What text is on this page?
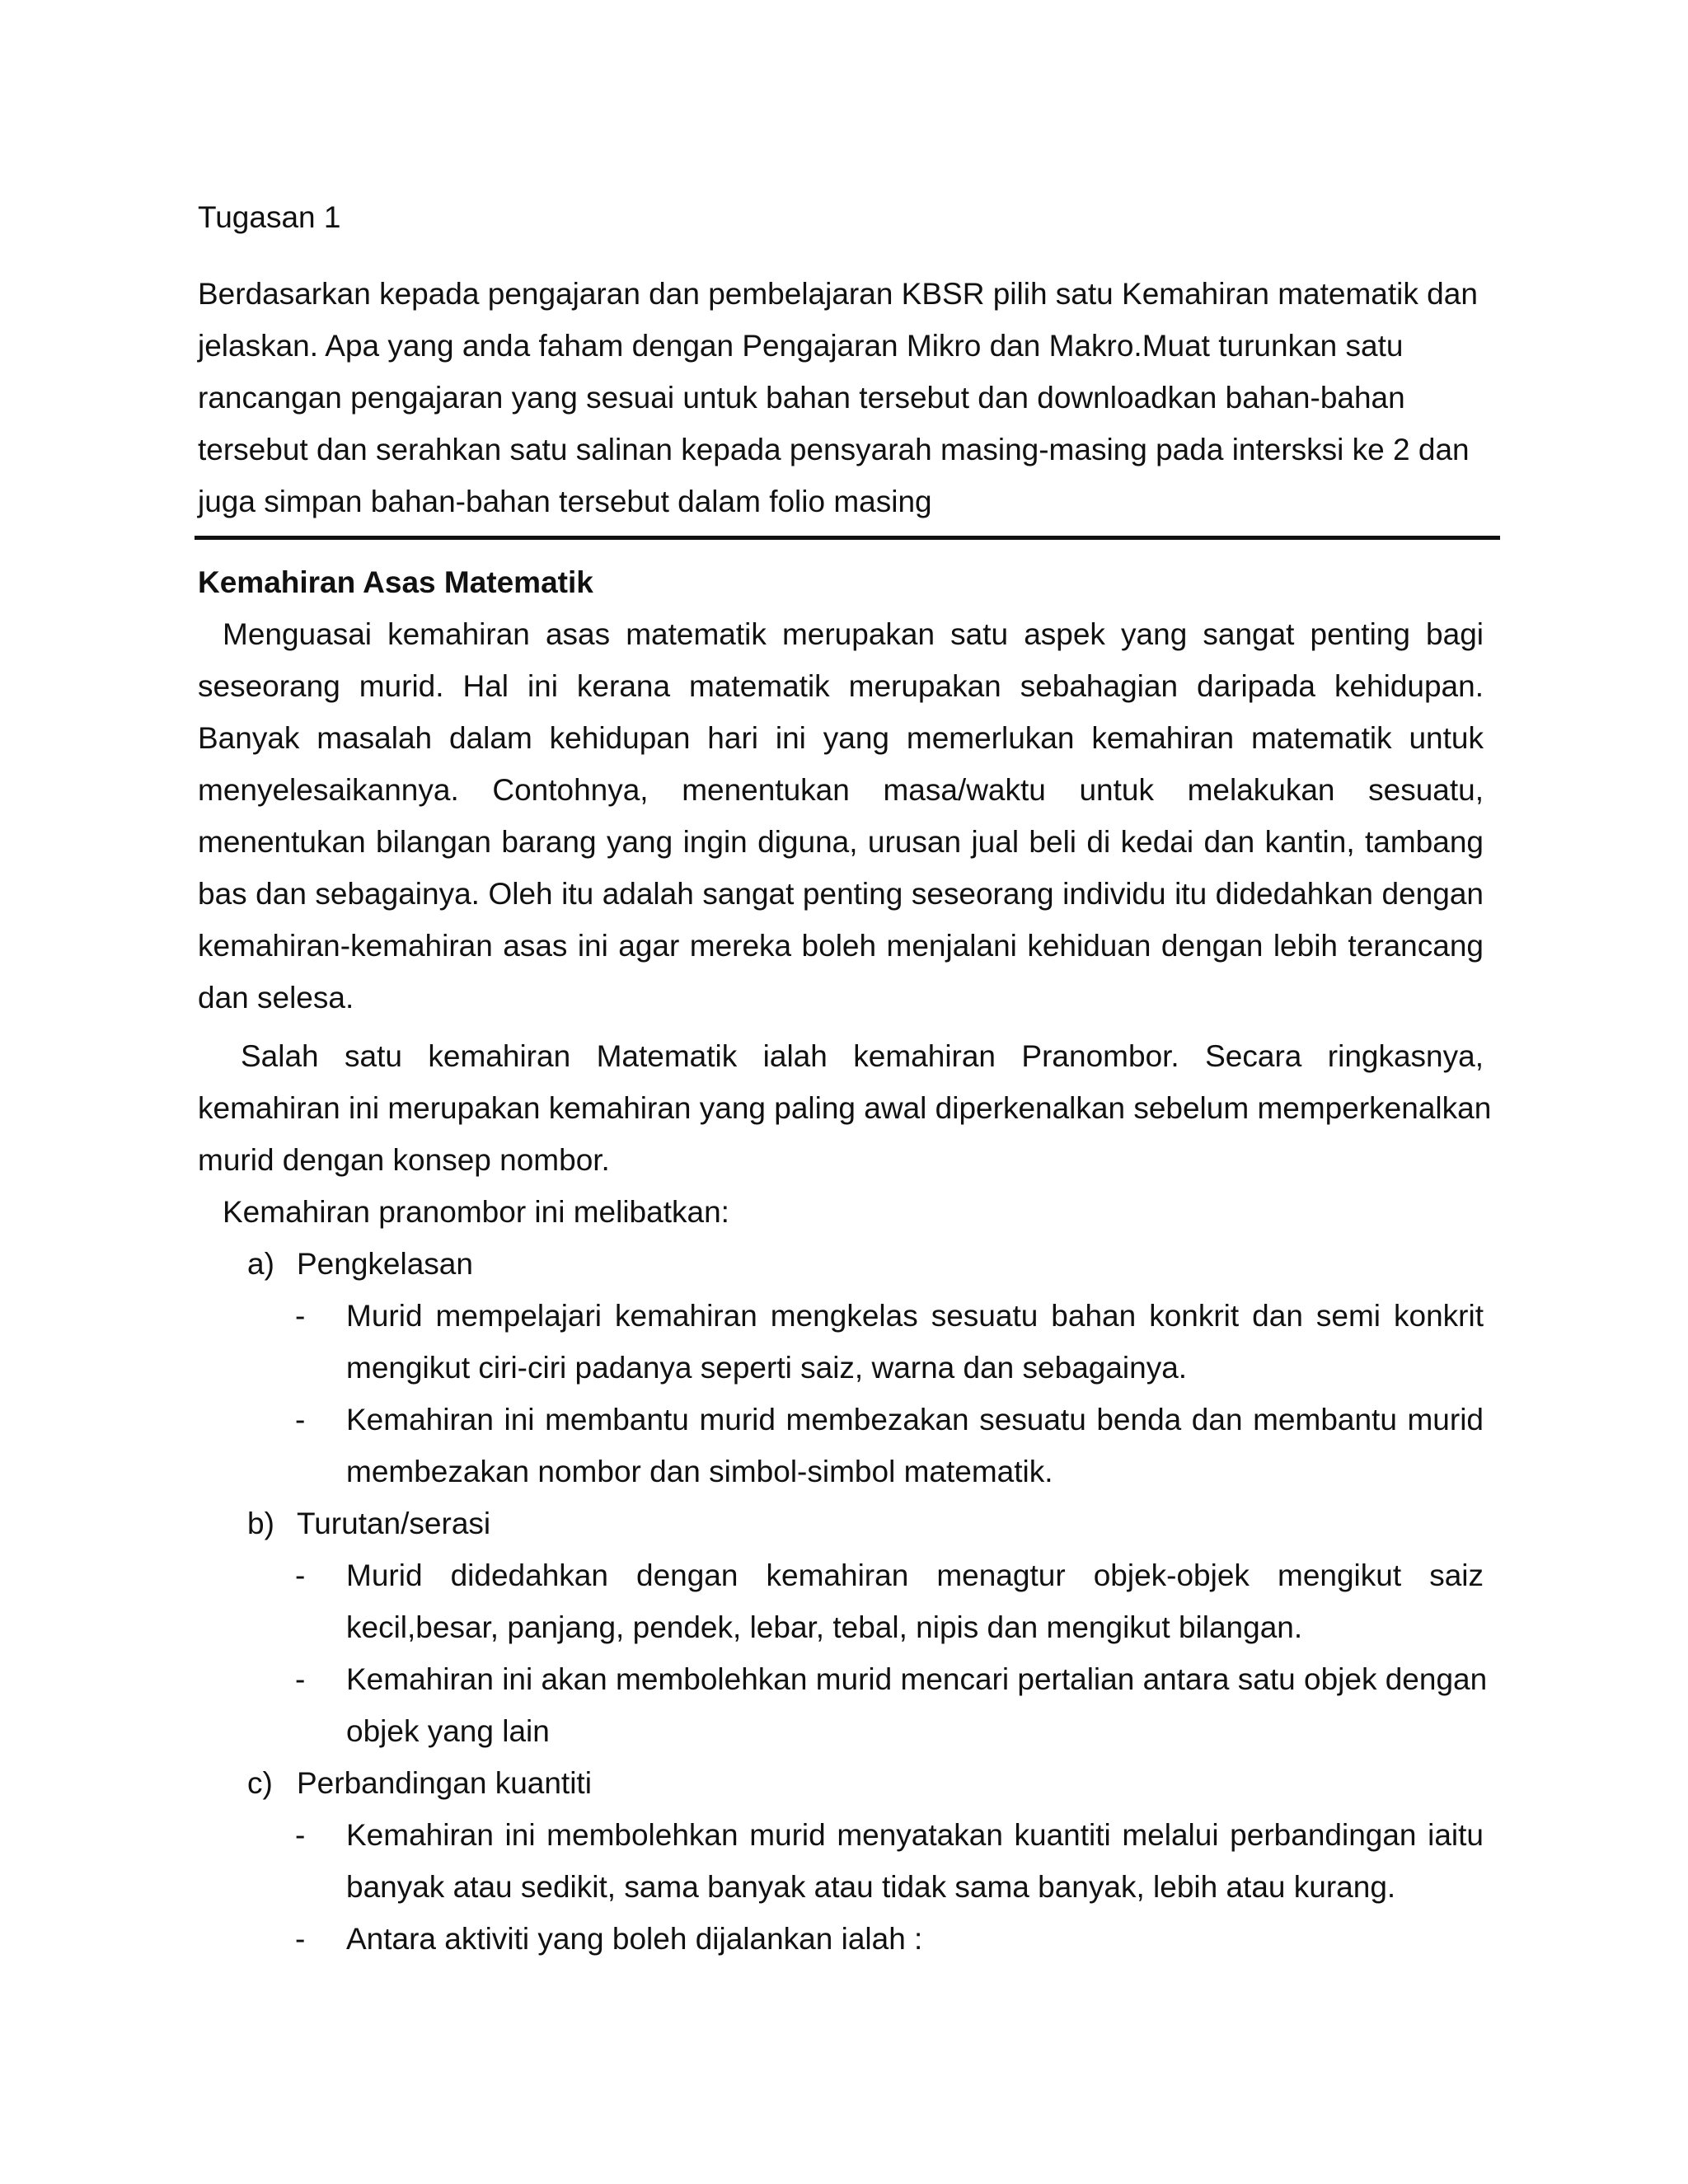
Tugasan 1
Berdasarkan kepada pengajaran dan pembelajaran KBSR pilih satu Kemahiran matematik dan
jelaskan. Apa yang anda faham dengan Pengajaran Mikro dan Makro.Muat turunkan satu
rancangan pengajaran yang sesuai untuk bahan tersebut dan downloadkan bahan-bahan
tersebut dan serahkan satu salinan kepada pensyarah masing-masing pada intersksi ke 2 dan
juga simpan bahan-bahan tersebut dalam folio masing
Kemahiran Asas Matematik
Menguasai kemahiran asas matematik merupakan satu aspek yang sangat penting bagi
seseorang murid. Hal ini kerana matematik merupakan sebahagian daripada kehidupan.
Banyak masalah dalam kehidupan hari ini yang memerlukan kemahiran matematik untuk
menyelesaikannya. Contohnya, menentukan masa/waktu untuk melakukan sesuatu,
menentukan bilangan barang yang ingin diguna, urusan jual beli di kedai dan kantin, tambang
bas dan sebagainya. Oleh itu adalah sangat penting seseorang individu itu didedahkan dengan
kemahiran-kemahiran asas ini agar mereka boleh menjalani kehiduan dengan lebih terancang
dan selesa.
Salah satu kemahiran Matematik ialah kemahiran Pranombor. Secara ringkasnya,
kemahiran ini merupakan kemahiran yang paling awal diperkenalkan sebelum memperkenalkan
murid dengan konsep nombor.
Kemahiran pranombor ini melibatkan:
a) Pengkelasan
- Murid mempelajari kemahiran mengkelas sesuatu bahan konkrit dan semi konkrit
mengikut ciri-ciri padanya seperti saiz, warna dan sebagainya.
- Kemahiran ini membantu murid membezakan sesuatu benda dan membantu murid
membezakan nombor dan simbol-simbol matematik.
b) Turutan/serasi
- Murid didedahkan dengan kemahiran menagtur objek-objek mengikut saiz
kecil,besar, panjang, pendek, lebar, tebal, nipis dan mengikut bilangan.
- Kemahiran ini akan membolehkan murid mencari pertalian antara satu objek dengan
objek yang lain
c) Perbandingan kuantiti
- Kemahiran ini membolehkan murid menyatakan kuantiti melalui perbandingan iaitu
banyak atau sedikit, sama banyak atau tidak sama banyak, lebih atau kurang.
- Antara aktiviti yang boleh dijalankan ialah :
